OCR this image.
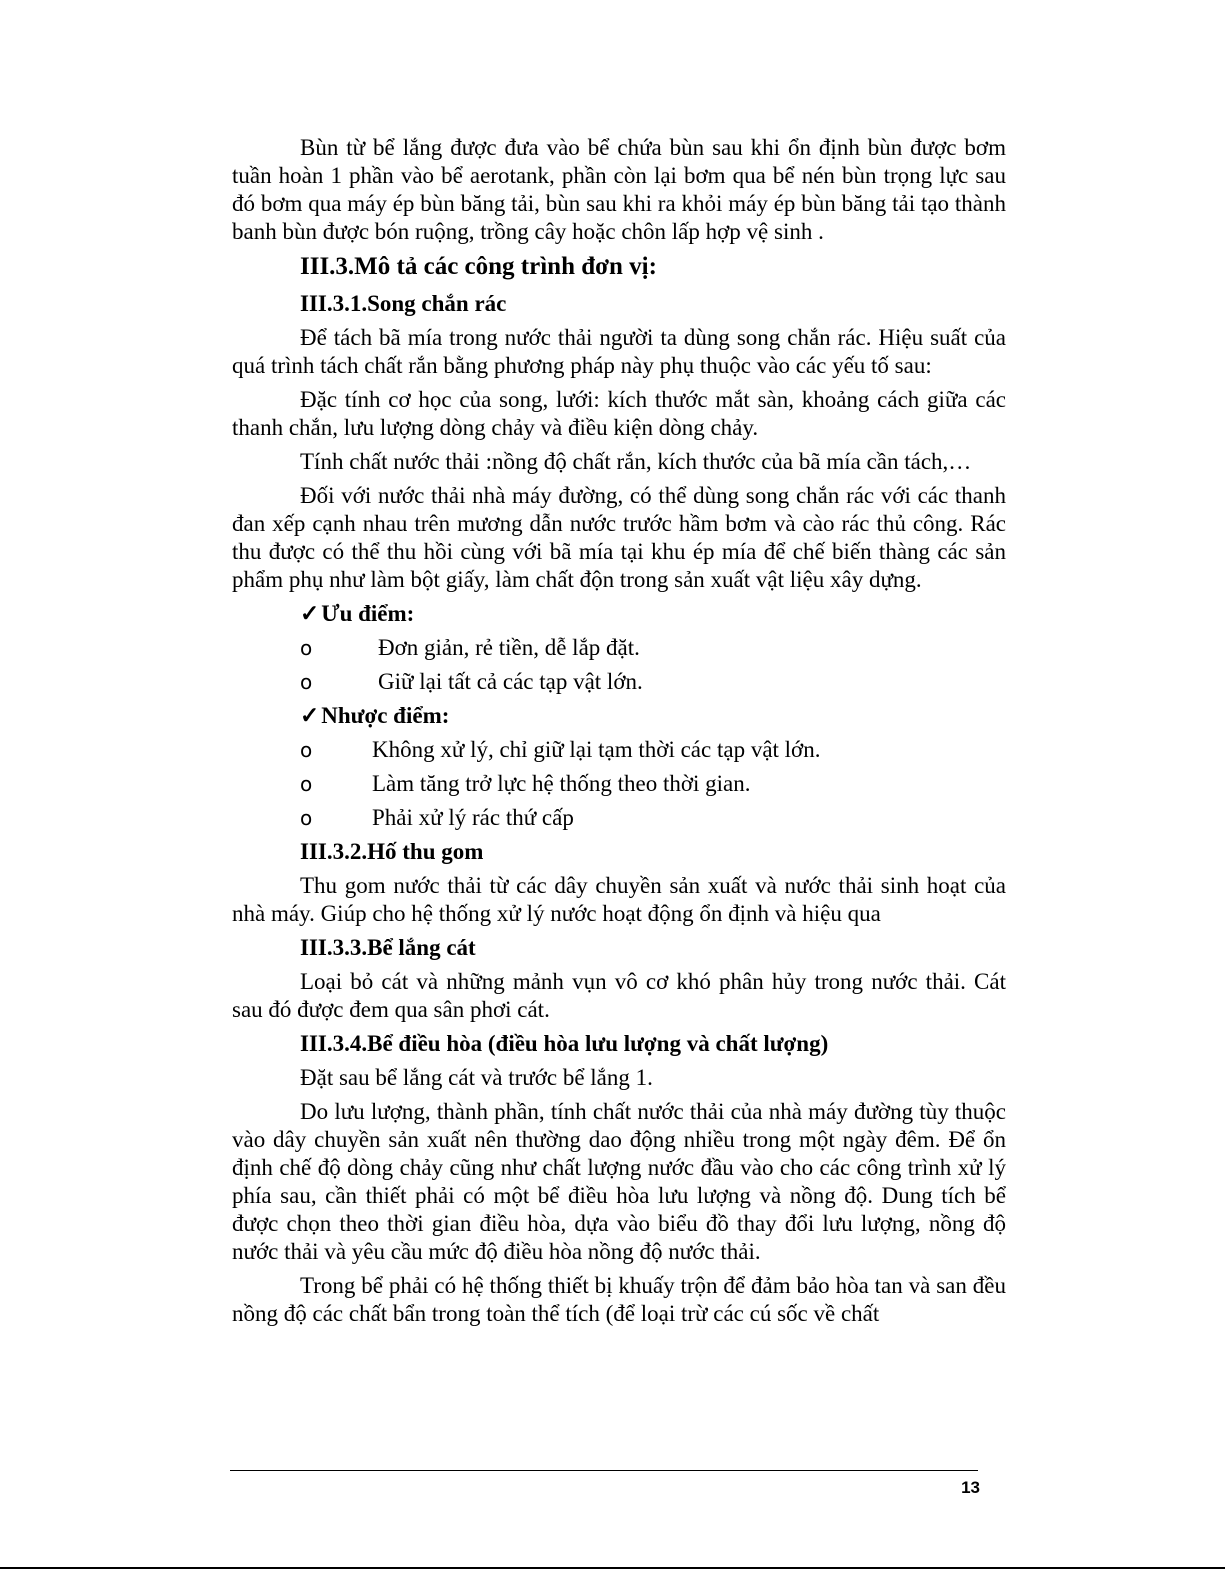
Bùn từ bể lắng được đưa vào bể chứa bùn sau khi ổn định bùn được bơm tuần hoàn 1 phần vào bể aerotank, phần còn lại bơm qua bể nén bùn trọng lực sau đó bơm qua máy ép bùn băng tải, bùn sau khi ra khỏi máy ép bùn băng tải tạo thành banh bùn được bón ruộng, trồng cây hoặc chôn lấp hợp vệ sinh .

III.3.Mô tả các công trình đơn vị:
III.3.1.Song chắn rác

Để tách bã mía trong nước thải người ta dùng song chắn rác. Hiệu suất của quá trình tách chất rắn bằng phương pháp này phụ thuộc vào các yếu tố sau:

Đặc tính cơ học của song, lưới: kích thước mắt sàn, khoảng cách giữa các thanh chắn, lưu lượng dòng chảy và điều kiện dòng chảy.

Tính chất nước thải :nồng độ chất rắn, kích thước của bã mía cần tách,…

Đối với nước thải nhà máy đường, có thể dùng song chắn rác với các thanh đan xếp cạnh nhau trên mương dẫn nước trước hầm bơm và cào rác thủ công. Rác thu được có thể thu hồi cùng với bã mía tại khu ép mía để chế biến thàng các sản phẩm phụ như làm bột giấy, làm chất độn trong sản xuất vật liệu xây dựng.

✓Ưu điểm:
o	Đơn giản, rẻ tiền, dễ lắp đặt.
o	Giữ lại tất cả các tạp vật lớn.
✓Nhược điểm:
o	Không xử lý, chỉ giữ lại tạm thời các tạp vật lớn.
o	Làm tăng trở lực hệ thống theo thời gian.
o	Phải xử lý rác thứ cấp
III.3.2.Hố thu gom

Thu gom nước thải từ các dây chuyền sản xuất và nước thải sinh hoạt của nhà máy. Giúp cho hệ thống xử lý nước hoạt động ổn định và hiệu qua

III.3.3.Bể lắng cát

Loại bỏ cát và những mảnh vụn vô cơ khó phân hủy trong nước thải. Cát sau đó được đem qua sân phơi cát.

III.3.4.Bể điều hòa (điều hòa lưu lượng và chất lượng)

Đặt sau bể lắng cát và trước bể lắng 1.

Do lưu lượng, thành phần, tính chất nước thải của nhà máy đường tùy thuộc vào dây chuyền sản xuất nên thường dao động nhiều trong một ngày đêm. Để ổn định chế độ dòng chảy cũng như chất lượng nước đầu vào cho các công trình xử lý phía sau, cần thiết phải có một bể điều hòa lưu lượng và nồng độ. Dung tích bể được chọn theo thời gian điều hòa, dựa vào biểu đồ thay đổi lưu lượng, nồng độ nước thải và yêu cầu mức độ điều hòa nồng độ nước thải.

Trong bể phải có hệ thống thiết bị khuấy trộn để đảm bảo hòa tan và san đều nồng độ các chất bẩn trong toàn thể tích (để loại trừ các cú sốc về chất

13
